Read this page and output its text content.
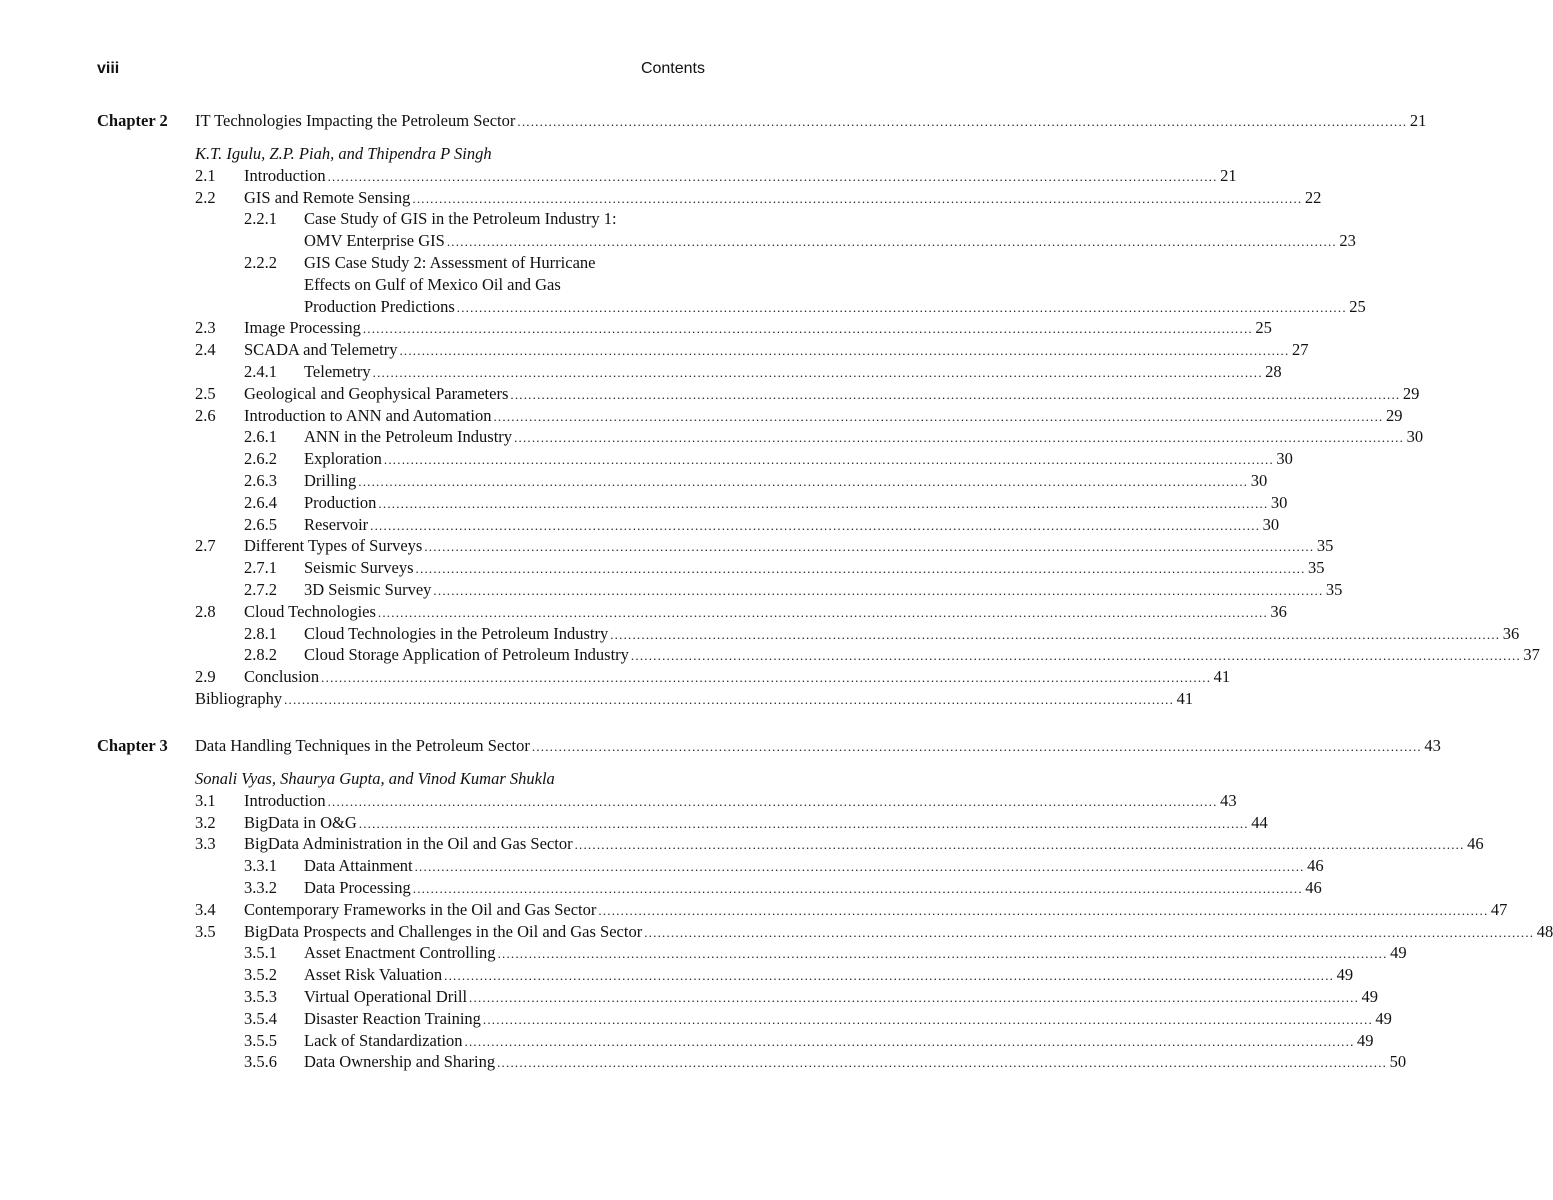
viii	Contents
Chapter 2 IT Technologies Impacting the Petroleum Sector ........................................................................................................................................................................................................ 21
K.T. Igulu, Z.P. Piah, and Thipendra P Singh
2.1 Introduction ........................................................................................................................................................................................................ 21
2.2 GIS and Remote Sensing ........................................................................................................................................................................................................ 22
Case Study of GIS in the Petroleum Industry 1:
2.2.1
OMV Enterprise GIS ........................................................................................................................................................................................................ 23
GIS Case Study 2: Assessment of Hurricane
2.2.2
Effects on Gulf of Mexico Oil and Gas
Production Predictions ........................................................................................................................................................................................................ 25
2.3 Image Processing ........................................................................................................................................................................................................ 25
2.4 SCADA and Telemetry ........................................................................................................................................................................................................ 27
2.4.1 Telemetry ........................................................................................................................................................................................................ 28
2.5 Geological and Geophysical Parameters ........................................................................................................................................................................................................ 29
2.6 Introduction to ANN and Automation ........................................................................................................................................................................................................ 29
2.6.1 ANN in the Petroleum Industry ........................................................................................................................................................................................................ 30
2.6.2 Exploration ........................................................................................................................................................................................................ 30
2.6.3 Drilling ........................................................................................................................................................................................................ 30
2.6.4 Production ........................................................................................................................................................................................................ 30
2.6.5 Reservoir ........................................................................................................................................................................................................ 30
2.7 Different Types of Surveys ........................................................................................................................................................................................................ 35
2.7.1 Seismic Surveys ........................................................................................................................................................................................................ 35
2.7.2 3D Seismic Survey ........................................................................................................................................................................................................ 35
2.8 Cloud Technologies ........................................................................................................................................................................................................ 36
2.8.1 Cloud Technologies in the Petroleum Industry ........................................................................................................................................................................................................ 36
2.8.2 Cloud Storage Application of Petroleum Industry ........................................................................................................................................................................................................ 37
2.9 Conclusion ........................................................................................................................................................................................................ 41
Bibliography ........................................................................................................................................................................................................ 41
Chapter 3 Data Handling Techniques in the Petroleum Sector ........................................................................................................................................................................................................ 43
Sonali Vyas, Shaurya Gupta, and Vinod Kumar Shukla
3.1 Introduction ........................................................................................................................................................................................................ 43
3.2 BigData in O&G ........................................................................................................................................................................................................ 44
3.3 BigData Administration in the Oil and Gas Sector ........................................................................................................................................................................................................ 46
3.3.1 Data Attainment ........................................................................................................................................................................................................ 46
3.3.2 Data Processing ........................................................................................................................................................................................................ 46
3.4 Contemporary Frameworks in the Oil and Gas Sector ........................................................................................................................................................................................................ 47
3.5 BigData Prospects and Challenges in the Oil and Gas Sector ........................................................................................................................................................................................................ 48
3.5.1 Asset Enactment Controlling ........................................................................................................................................................................................................ 49
3.5.2 Asset Risk Valuation ........................................................................................................................................................................................................ 49
3.5.3 Virtual Operational Drill ........................................................................................................................................................................................................ 49
3.5.4 Disaster Reaction Training ........................................................................................................................................................................................................ 49
3.5.5 Lack of Standardization ........................................................................................................................................................................................................ 49
3.5.6 Data Ownership and Sharing ........................................................................................................................................................................................................ 50
